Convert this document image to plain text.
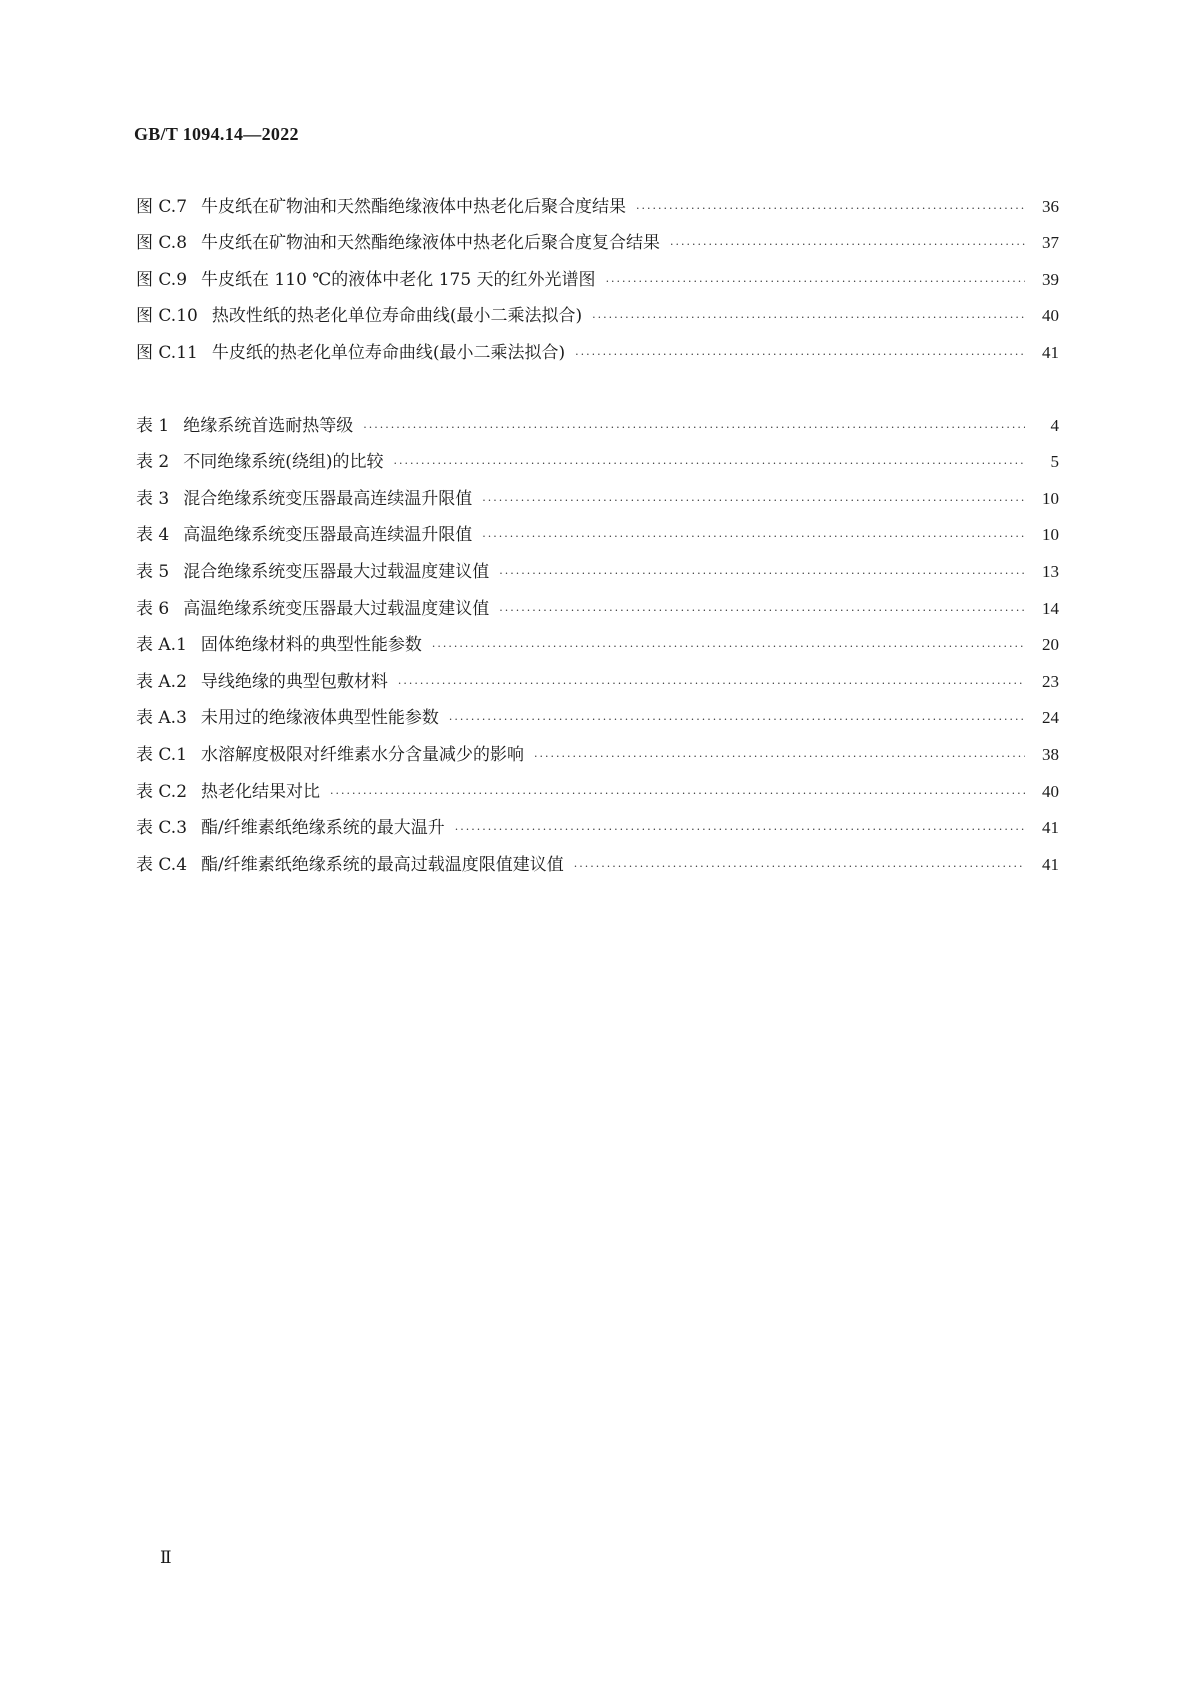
GB/T 1094.14—2022
图 C.7 牛皮纸在矿物油和天然酯绝缘液体中热老化后聚合度结果 ·····	36
图 C.8 牛皮纸在矿物油和天然酯绝缘液体中热老化后聚合度复合结果 ·····	37
图 C.9 牛皮纸在 110 ℃的液体中老化 175 天的红外光谱图 ·····	39
图 C.10 热改性纸的热老化单位寿命曲线(最小二乘法拟合) ·····	40
图 C.11 牛皮纸的热老化单位寿命曲线(最小二乘法拟合) ·····	41
表 1 绝缘系统首选耐热等级 ·····	4
表 2 不同绝缘系统(绕组)的比较 ·····	5
表 3 混合绝缘系统变压器最高连续温升限值 ·····	10
表 4 高温绝缘系统变压器最高连续温升限值 ·····	10
表 5 混合绝缘系统变压器最大过载温度建议值 ·····	13
表 6 高温绝缘系统变压器最大过载温度建议值 ·····	14
表 A.1 固体绝缘材料的典型性能参数 ·····	20
表 A.2 导线绝缘的典型包敷材料 ·····	23
表 A.3 未用过的绝缘液体典型性能参数 ·····	24
表 C.1 水溶解度极限对纤维素水分含量减少的影响 ·····	38
表 C.2 热老化结果对比 ·····	40
表 C.3 酯/纤维素纸绝缘系统的最大温升 ·····	41
表 C.4 酯/纤维素纸绝缘系统的最高过载温度限值建议值 ·····	41
Ⅱ
